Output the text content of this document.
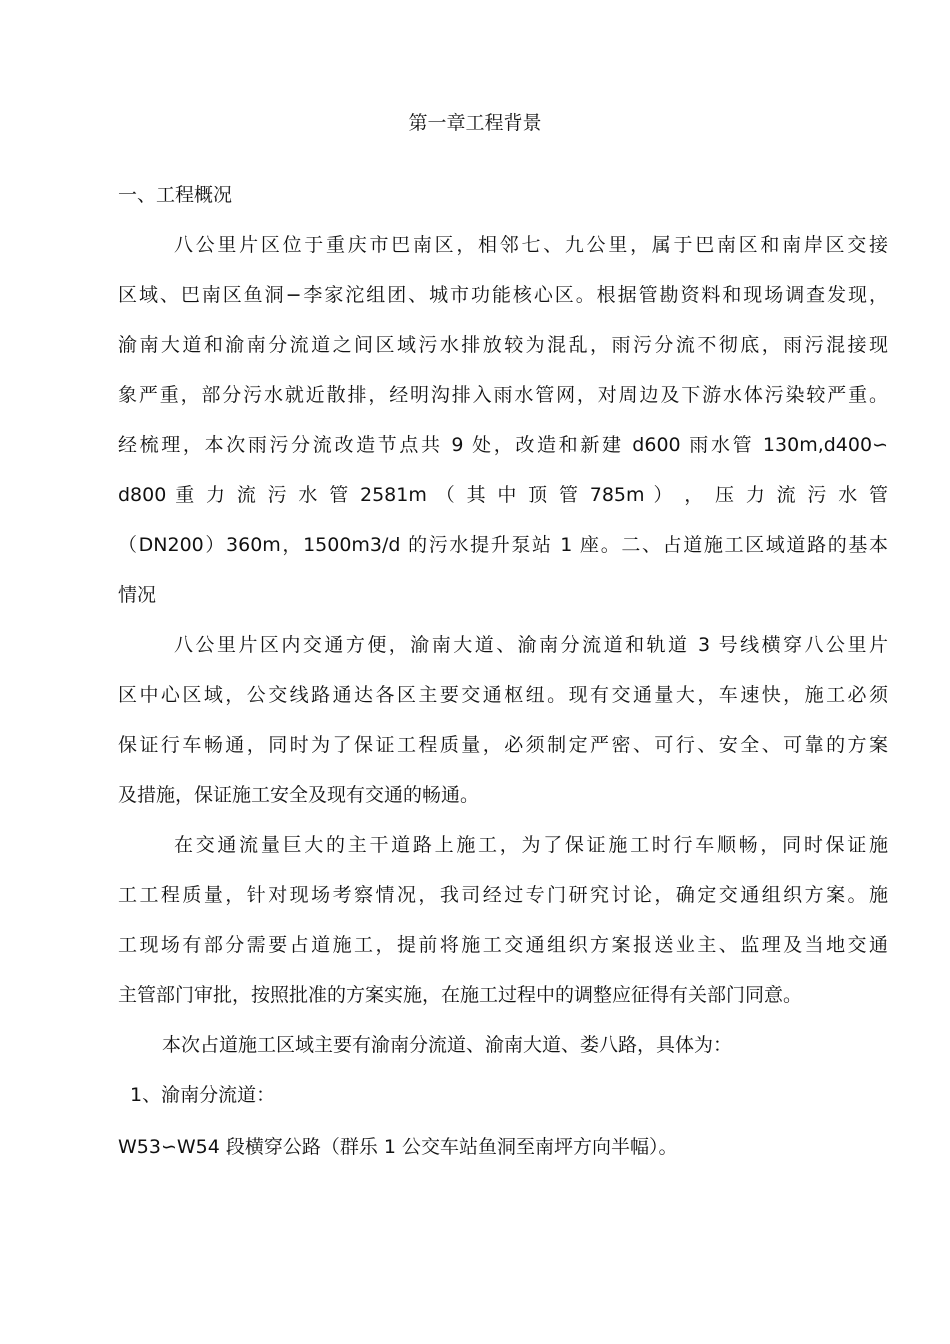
第一章工程背景
一、工程概况
八公里片区位于重庆市巴南区，相邻七、九公里，属于巴南区和南岸区交接
区域、巴南区鱼洞−李家沱组团、城市功能核心区。根据管勘资料和现场调查发现，
渝南大道和渝南分流道之间区域污水排放较为混乱，雨污分流不彻底，雨污混接现
象严重，部分污水就近散排，经明沟排入雨水管网，对周边及下游水体污染较严重。
经梳理，本次雨污分流改造节点共 9 处，改造和新建 d600 雨水管 130m,d400∽
d800 重 力 流 污 水 管 2581m （ 其 中 顶 管 785m ） ， 压 力 流 污 水 管
（DN200）360m，1500m3/d 的污水提升泵站 1 座。二、占道施工区域道路的基本
情况
八公里片区内交通方便，渝南大道、渝南分流道和轨道 3 号线横穿八公里片
区中心区域，公交线路通达各区主要交通枢纽。现有交通量大，车速快，施工必须
保证行车畅通，同时为了保证工程质量，必须制定严密、可行、安全、可靠的方案
及措施，保证施工安全及现有交通的畅通。
在交通流量巨大的主干道路上施工，为了保证施工时行车顺畅，同时保证施
工工程质量，针对现场考察情况，我司经过专门研究讨论，确定交通组织方案。施
工现场有部分需要占道施工，提前将施工交通组织方案报送业主、监理及当地交通
主管部门审批，按照批准的方案实施，在施工过程中的调整应征得有关部门同意。
本次占道施工区域主要有渝南分流道、渝南大道、娄八路，具体为：
1、渝南分流道：
W53∽W54 段横穿公路（群乐 1 公交车站鱼洞至南坪方向半幅）。
